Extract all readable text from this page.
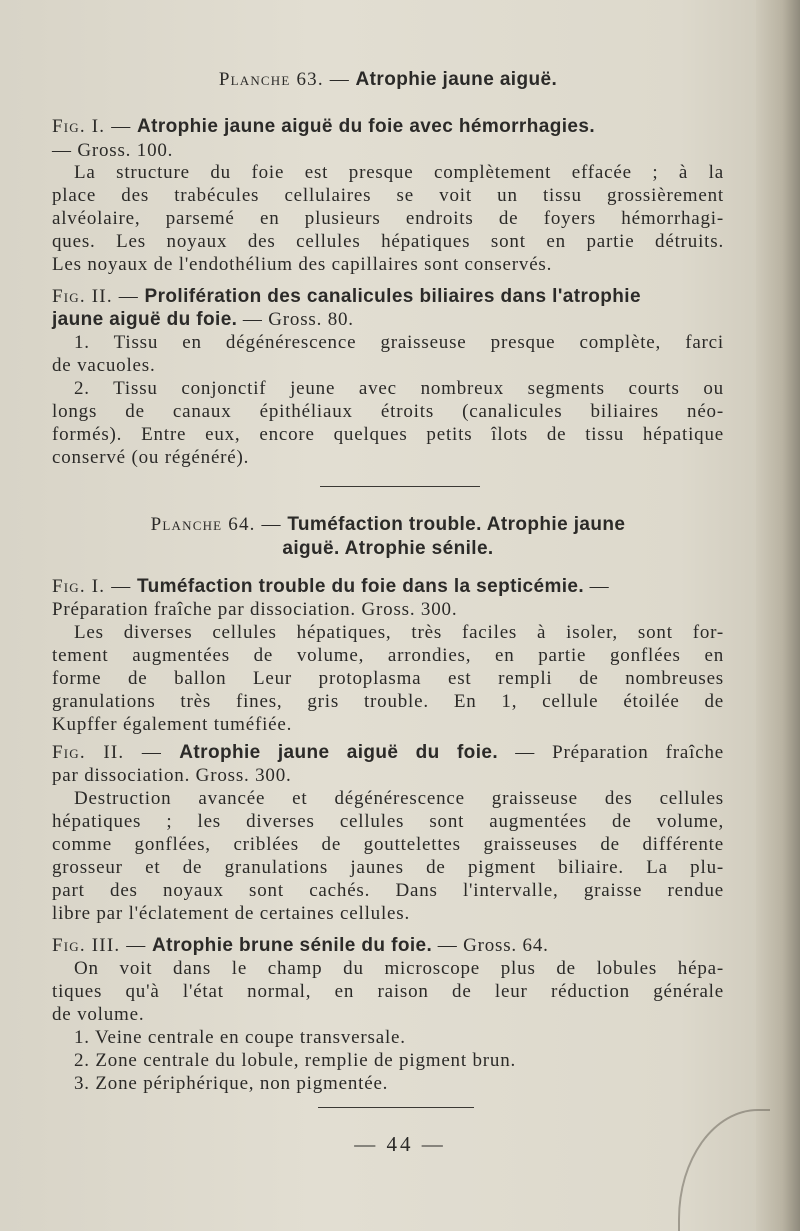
Planche 63. — Atrophie jaune aiguë.
Fig. I. — Atrophie jaune aiguë du foie avec hémorrhagies.
— Gross. 100.
La structure du foie est presque complètement effacée ; à la
place des trabécules cellulaires se voit un tissu grossièrement
alvéolaire, parsemé en plusieurs endroits de foyers hémorrhagi-
ques. Les noyaux des cellules hépatiques sont en partie détruits.
Les noyaux de l'endothélium des capillaires sont conservés.
Fig. II. — Prolifération des canalicules biliaires dans l'atrophie
jaune aiguë du foie. — Gross. 80.
1. Tissu en dégénérescence graisseuse presque complète, farci
de vacuoles.
2. Tissu conjonctif jeune avec nombreux segments courts ou
longs de canaux épithéliaux étroits (canalicules biliaires néo-
formés). Entre eux, encore quelques petits îlots de tissu hépatique
conservé (ou régénéré).
Planche 64. — Tuméfaction trouble. Atrophie jaune
aiguë. Atrophie sénile.
Fig. I. — Tuméfaction trouble du foie dans la septicémie. —
Préparation fraîche par dissociation. Gross. 300.
Les diverses cellules hépatiques, très faciles à isoler, sont for-
tement augmentées de volume, arrondies, en partie gonflées en
forme de ballon Leur protoplasma est rempli de nombreuses
granulations très fines, gris trouble. En 1, cellule étoilée de
Kupffer également tuméfiée.
Fig. II. — Atrophie jaune aiguë du foie. — Préparation fraîche
par dissociation. Gross. 300.
Destruction avancée et dégénérescence graisseuse des cellules
hépatiques ; les diverses cellules sont augmentées de volume,
comme gonflées, criblées de gouttelettes graisseuses de différente
grosseur et de granulations jaunes de pigment biliaire. La plu-
part des noyaux sont cachés. Dans l'intervalle, graisse rendue
libre par l'éclatement de certaines cellules.
Fig. III. — Atrophie brune sénile du foie. — Gross. 64.
On voit dans le champ du microscope plus de lobules hépa-
tiques qu'à l'état normal, en raison de leur réduction générale
de volume.
1. Veine centrale en coupe transversale.
2. Zone centrale du lobule, remplie de pigment brun.
3. Zone périphérique, non pigmentée.
— 44 —
